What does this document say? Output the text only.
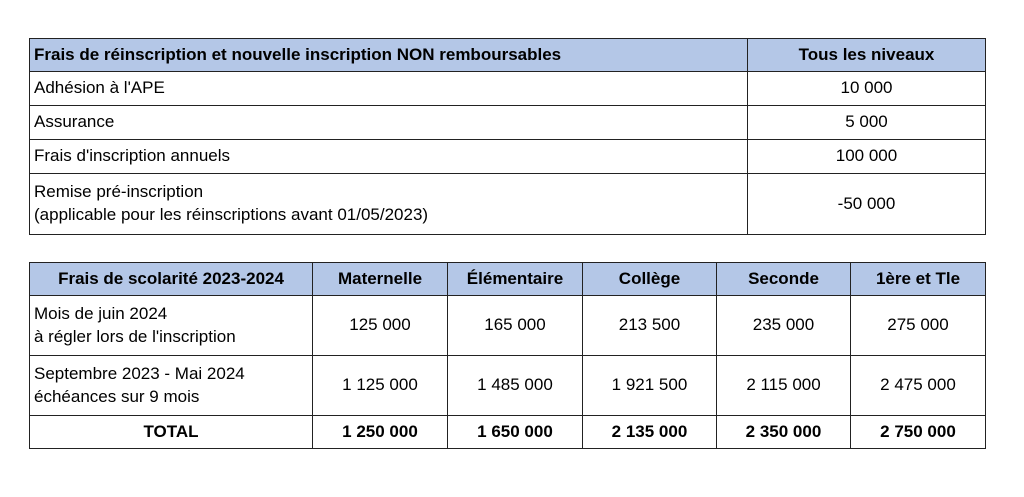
Frais de réinscription et nouvelle inscription NON remboursables	Tous les niveaux
Adhésion à l'APE	10 000
Assurance	5 000
Frais d'inscription annuels	100 000

Remise pré-inscription
(applicable pour les réinscriptions avant 01/05/2023)	-50 000
Frais de scolarité 2023-2024	Maternelle	Élémentaire	Collège	Seconde	1ère et Tle

Mois de juin 2024
à régler lors de l'inscription	125 000	165 000	213 500	235 000	275 000

Septembre 2023 - Mai 2024
échéances sur 9 mois	1 125 000	1 485 000	1 921 500	2 115 000	2 475 000
TOTAL	1 250 000	1 650 000	2 135 000	2 350 000	2 750 000
